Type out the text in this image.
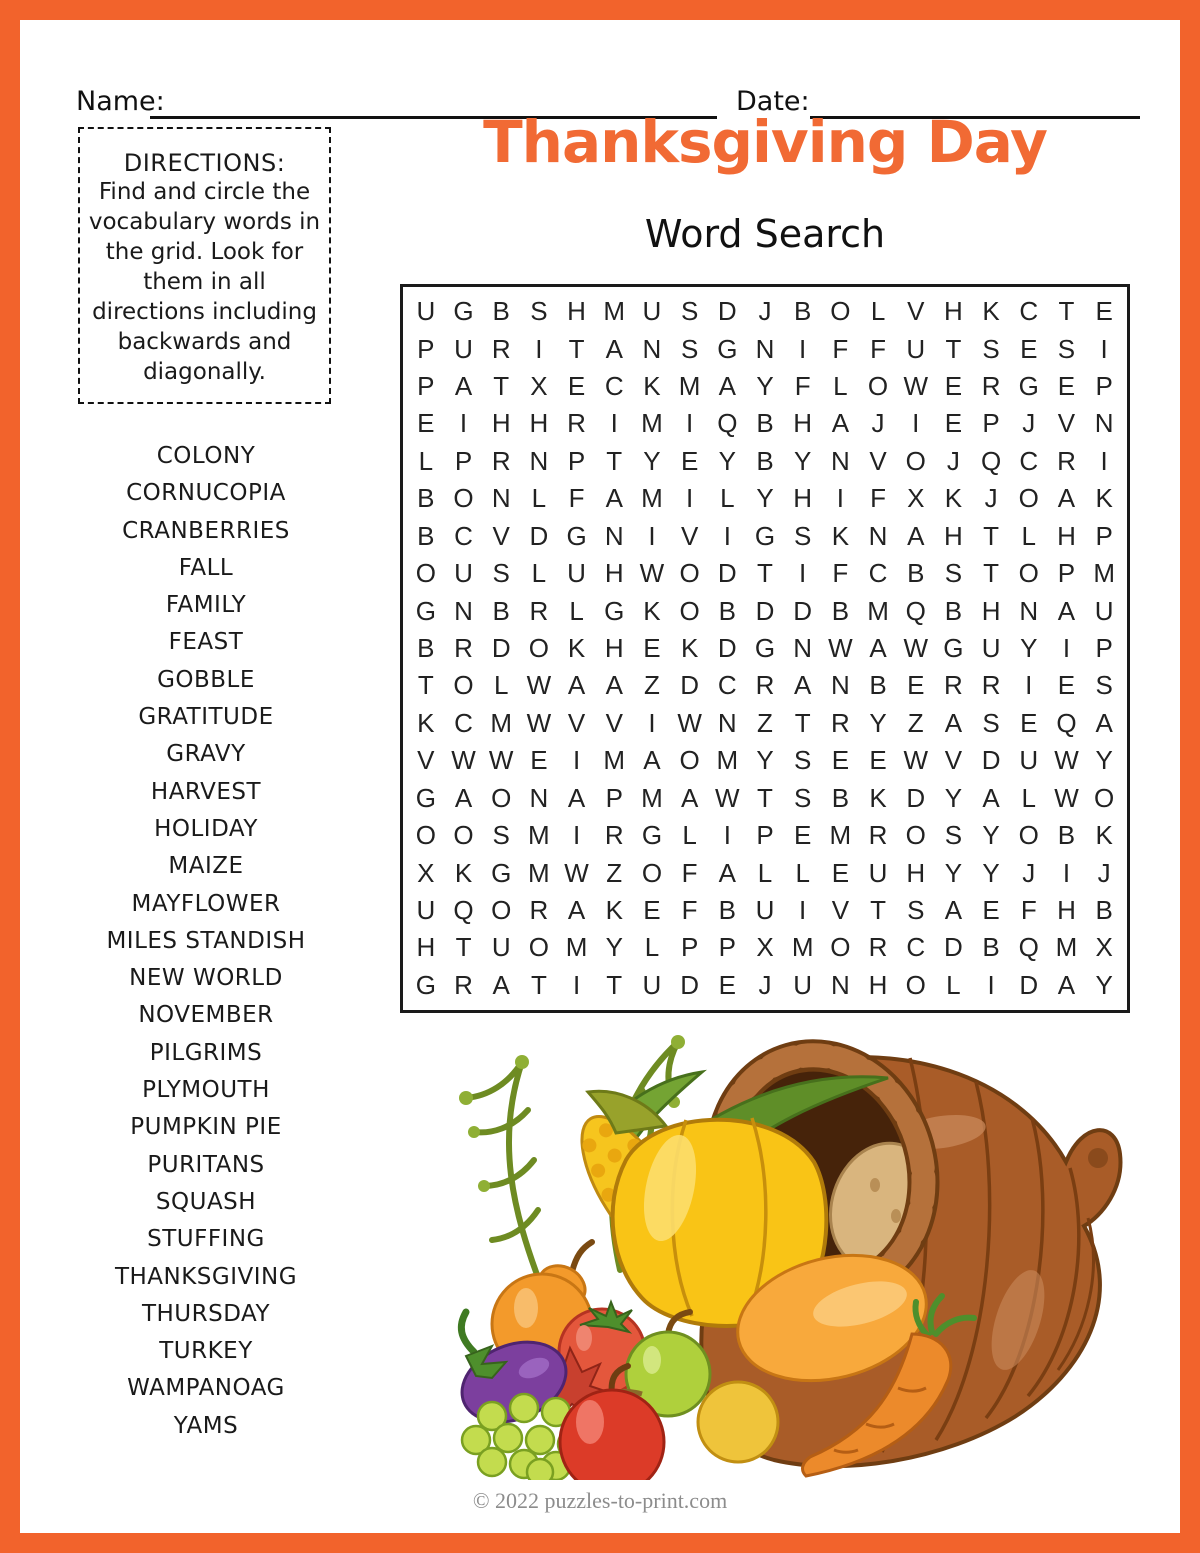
Name:	Date:
DIRECTIONS:
Find and circle the vocabulary words in the grid. Look for them in all directions including backwards and diagonally.
Thanksgiving Day
Word Search
U G B S H M U S D J B O L V H K C T E
P U R I	T A N S G N I	F F U T S E S I
P A T X E C K M A Y F L O W E R G E P
E I H H R I M I Q B H A J	I E P J V N
L P R N P T Y E Y B Y N V O J Q C R I
B O N L F A M I	L Y H I	F X K J O A K
B C V D G N I V I G S K N A H T L H P
O U S L U H W O D T	I	F C B S T O P M
G N B R L G K O B D D B M Q B H N A U
B R D O K H E K D G N W A W G U Y I P
T O L W A A Z D C R A N B E R R I E S
K C M W V V I W N Z T R Y Z A S E Q A
V W W E I M A O M Y S E E W V D U W Y
G A O N A P M A W T S B K D Y A L W O
O O S M I R G L	I P E M R O S Y O B K
X K G M W Z O F A L L E U H Y Y J	I	J
U Q O R A K E F B U I V T S A E F H B
H T U O M Y L P P X M O R C D B Q M X
G R A T	I	T U D E J U N H O L	I D A Y
COLONY
CORNUCOPIA
CRANBERRIES
FALL
FAMILY
FEAST
GOBBLE
GRATITUDE
GRAVY
HARVEST
HOLIDAY
MAIZE
MAYFLOWER
MILES STANDISH
NEW WORLD
NOVEMBER
PILGRIMS
PLYMOUTH
PUMPKIN PIE
PURITANS
SQUASH
STUFFING
THANKSGIVING
THURSDAY
TURKEY
WAMPANOAG
YAMS
© 2022 puzzles-to-print.com
